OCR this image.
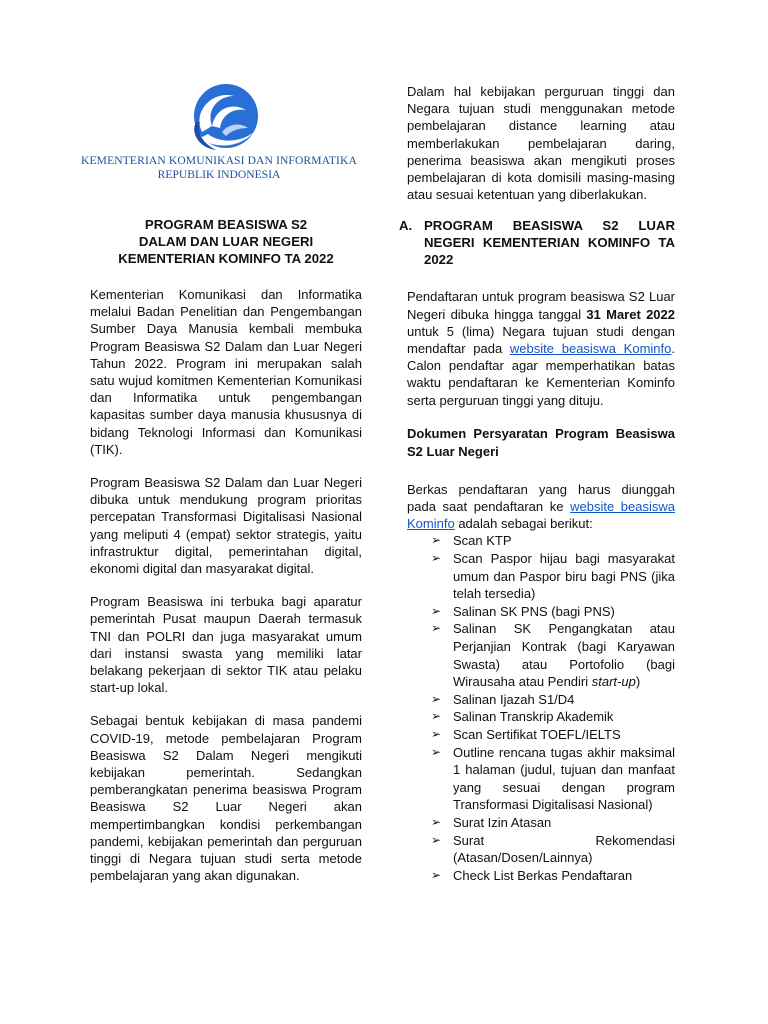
KEMENTERIAN KOMUNIKASI DAN INFORMATIKA
REPUBLIK INDONESIA
PROGRAM BEASISWA S2
DALAM DAN LUAR NEGERI
KEMENTERIAN KOMINFO TA 2022

Kementerian Komunikasi dan Informatika melalui Badan Penelitian dan Pengembangan Sumber Daya Manusia kembali membuka Program Beasiswa S2 Dalam dan Luar Negeri Tahun 2022. Program ini merupakan salah satu wujud komitmen Kementerian Komunikasi dan Informatika untuk pengembangan kapasitas sumber daya manusia khususnya di bidang Teknologi Informasi dan Komunikasi (TIK).

Program Beasiswa S2 Dalam dan Luar Negeri dibuka untuk mendukung program prioritas percepatan Transformasi Digitalisasi Nasional yang meliputi 4 (empat) sektor strategis, yaitu infrastruktur digital, pemerintahan digital, ekonomi digital dan masyarakat digital.

Program Beasiswa ini terbuka bagi aparatur pemerintah Pusat maupun Daerah termasuk TNI dan POLRI dan juga masyarakat umum dari instansi swasta yang memiliki latar belakang pekerjaan di sektor TIK atau pelaku start-up lokal.

Sebagai bentuk kebijakan di masa pandemi COVID-19, metode pembelajaran Program Beasiswa S2 Dalam Negeri mengikuti kebijakan pemerintah. Sedangkan pemberangkatan penerima beasiswa Program Beasiswa S2 Luar Negeri akan mempertimbangkan kondisi perkembangan pandemi, kebijakan pemerintah dan perguruan tinggi di Negara tujuan studi serta metode pembelajaran yang akan digunakan.

Dalam hal kebijakan perguruan tinggi dan Negara tujuan studi menggunakan metode pembelajaran distance learning atau memberlakukan pembelajaran daring, penerima beasiswa akan mengikuti proses pembelajaran di kota domisili masing-masing atau sesuai ketentuan yang diberlakukan.

A. PROGRAM BEASISWA S2 LUAR NEGERI KEMENTERIAN KOMINFO TA 2022

Pendaftaran untuk program beasiswa S2 Luar Negeri dibuka hingga tanggal 31 Maret 2022 untuk 5 (lima) Negara tujuan studi dengan mendaftar pada website beasiswa Kominfo. Calon pendaftar agar memperhatikan batas waktu pendaftaran ke Kementerian Kominfo serta perguruan tinggi yang dituju.

Dokumen Persyaratan Program Beasiswa S2 Luar Negeri

Berkas pendaftaran yang harus diunggah pada saat pendaftaran ke website beasiswa Kominfo adalah sebagai berikut:

➢ Scan KTP
➢ Scan Paspor hijau bagi masyarakat umum dan Paspor biru bagi PNS (jika telah tersedia)
➢ Salinan SK PNS (bagi PNS)
➢ Salinan SK Pengangkatan atau Perjanjian Kontrak (bagi Karyawan Swasta) atau Portofolio (bagi Wirausaha atau Pendiri start-up)
➢ Salinan Ijazah S1/D4
➢ Salinan Transkrip Akademik
➢ Scan Sertifikat TOEFL/IELTS
➢ Outline rencana tugas akhir maksimal 1 halaman (judul, tujuan dan manfaat yang sesuai dengan program Transformasi Digitalisasi Nasional)
➢ Surat Izin Atasan
➢ Surat Rekomendasi (Atasan/Dosen/Lainnya)
➢ Check List Berkas Pendaftaran
